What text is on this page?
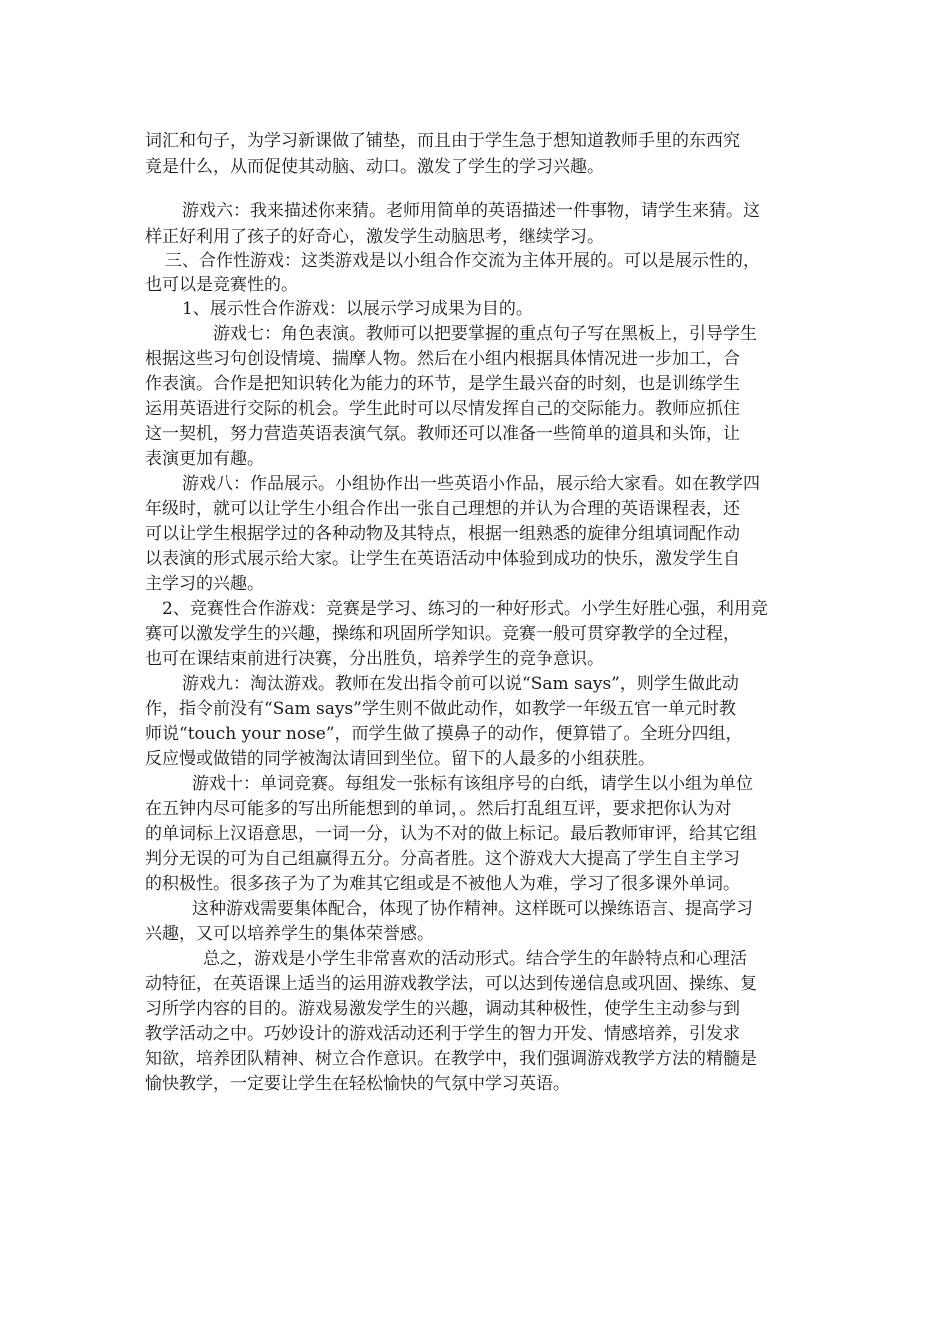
词汇和句子，为学习新课做了铺垫，而且由于学生急于想知道教师手里的东西究
竟是什么，从而促使其动脑、动口。激发了学生的学习兴趣。
游戏六：我来描述你来猜。老师用简单的英语描述一件事物，请学生来猜。这
样正好利用了孩子的好奇心，激发学生动脑思考，继续学习。
三、合作性游戏：这类游戏是以小组合作交流为主体开展的。可以是展示性的，
也可以是竞赛性的。
1、展示性合作游戏：以展示学习成果为目的。
游戏七：角色表演。教师可以把要掌握的重点句子写在黑板上，引导学生
根据这些习句创设情境、揣摩人物。然后在小组内根据具体情况进一步加工，合
作表演。合作是把知识转化为能力的环节，是学生最兴奋的时刻，也是训练学生
运用英语进行交际的机会。学生此时可以尽情发挥自己的交际能力。教师应抓住
这一契机，努力营造英语表演气氛。教师还可以准备一些简单的道具和头饰，让
表演更加有趣。
游戏八：作品展示。小组协作出一些英语小作品，展示给大家看。如在教学四
年级时，就可以让学生小组合作出一张自己理想的并认为合理的英语课程表，还
可以让学生根据学过的各种动物及其特点，根据一组熟悉的旋律分组填词配作动
以表演的形式展示给大家。让学生在英语活动中体验到成功的快乐，激发学生自
主学习的兴趣。
2、竞赛性合作游戏：竞赛是学习、练习的一种好形式。小学生好胜心强，利用竞
赛可以激发学生的兴趣，操练和巩固所学知识。竞赛一般可贯穿教学的全过程，
也可在课结束前进行决赛，分出胜负，培养学生的竞争意识。
游戏九：淘汰游戏。教师在发出指令前可以说“Sam says”，则学生做此动
作，指令前没有“Sam says”学生则不做此动作，如教学一年级五官一单元时教
师说“touch your nose”，而学生做了摸鼻子的动作，便算错了。全班分四组，
反应慢或做错的同学被淘汰请回到坐位。留下的人最多的小组获胜。
游戏十：单词竞赛。每组发一张标有该组序号的白纸，请学生以小组为单位
在五钟内尽可能多的写出所能想到的单词，。然后打乱组互评，要求把你认为对
的单词标上汉语意思，一词一分，认为不对的做上标记。最后教师审评，给其它组
判分无误的可为自己组赢得五分。分高者胜。这个游戏大大提高了学生自主学习
的积极性。很多孩子为了为难其它组或是不被他人为难，学习了很多课外单词。
这种游戏需要集体配合，体现了协作精神。这样既可以操练语言、提高学习
兴趣，又可以培养学生的集体荣誉感。
总之，游戏是小学生非常喜欢的活动形式。结合学生的年龄特点和心理活
动特征，在英语课上适当的运用游戏教学法，可以达到传递信息或巩固、操练、复
习所学内容的目的。游戏易激发学生的兴趣，调动其种极性，使学生主动参与到
教学活动之中。巧妙设计的游戏活动还利于学生的智力开发、情感培养，引发求
知欲，培养团队精神、树立合作意识。在教学中，我们强调游戏教学方法的精髓是
愉快教学，一定要让学生在轻松愉快的气氛中学习英语。
